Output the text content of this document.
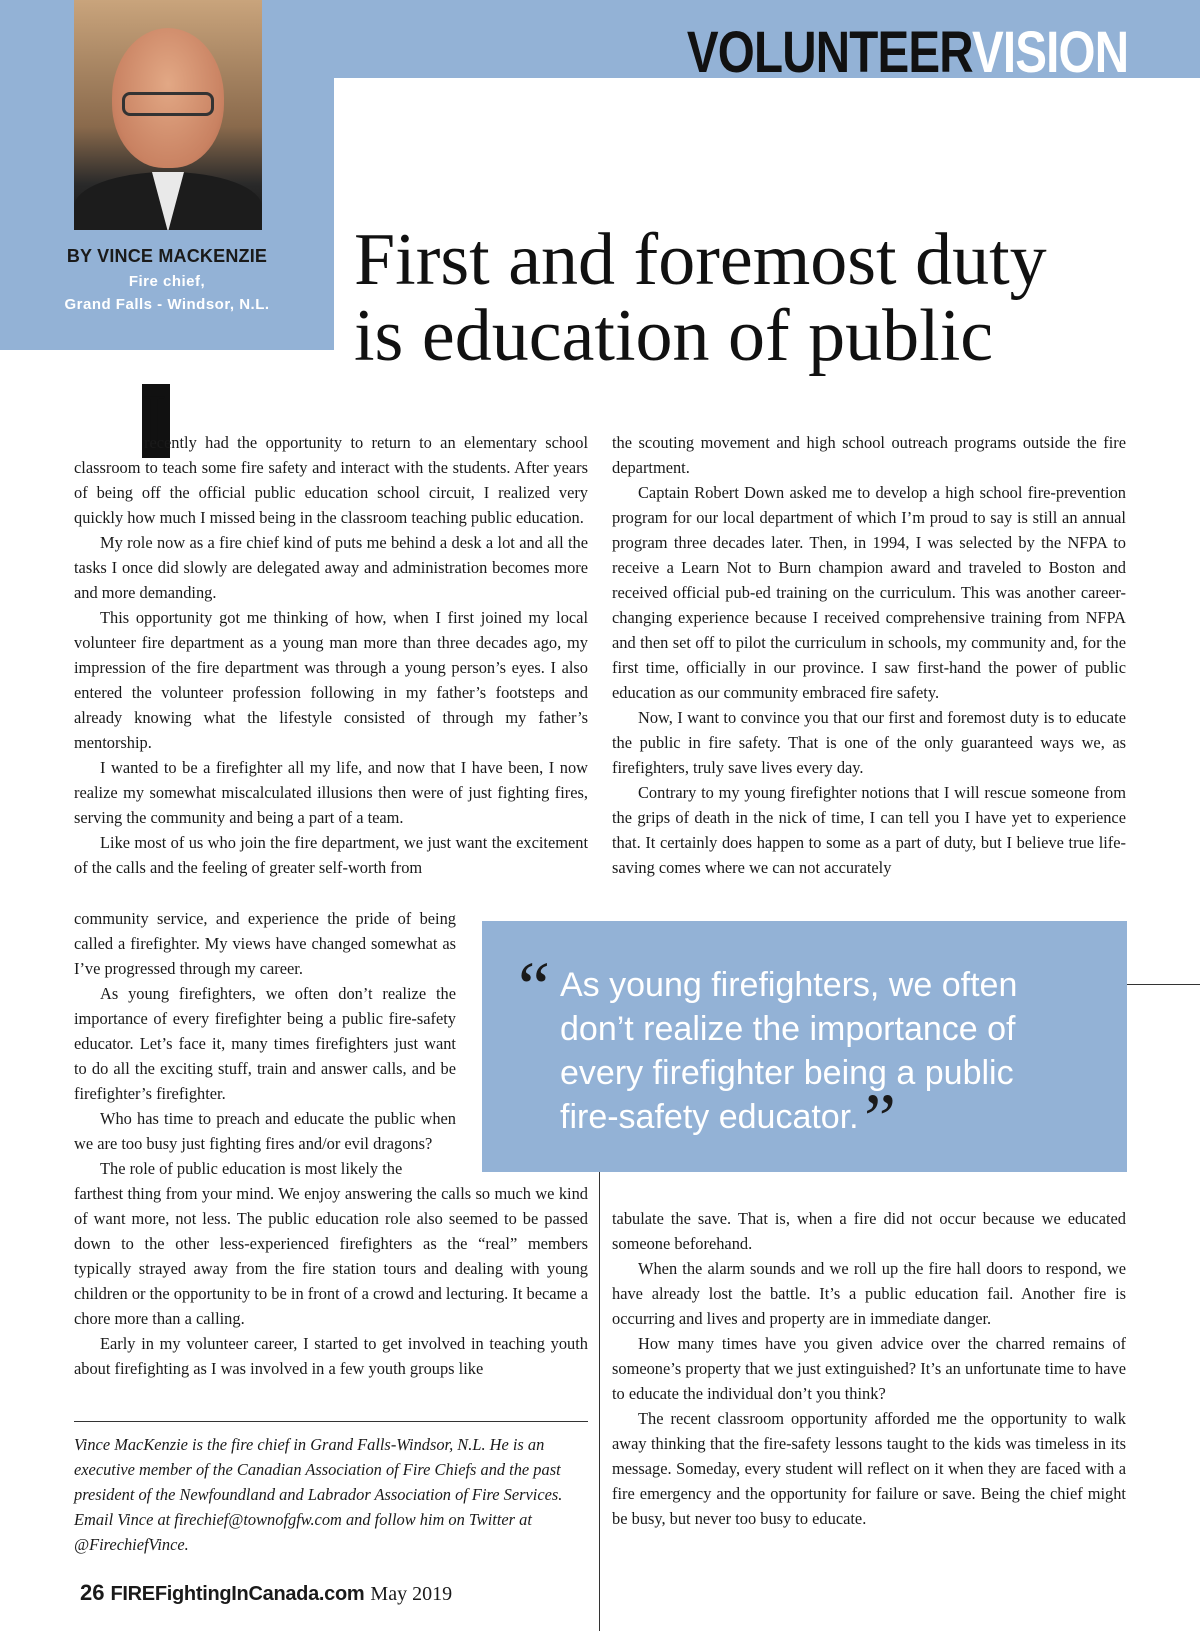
VOLUNTEERVISION
BY VINCE MACKENZIE
Fire chief,
Grand Falls - Windsor, N.L.
First and foremost duty
is education of public
I

recently had the opportunity to return to an elementary school classroom to teach some fire safety and interact with the students. After years of being off the official public education school circuit, I realized very quickly how much I missed being in the classroom teaching public education.

My role now as a fire chief kind of puts me behind a desk a lot and all the tasks I once did slowly are delegated away and administration becomes more and more demanding.

This opportunity got me thinking of how, when I first joined my local volunteer fire department as a young man more than three decades ago, my impression of the fire department was through a young person’s eyes. I also entered the volunteer profession following in my father’s footsteps and already knowing what the lifestyle consisted of through my father’s mentorship.

I wanted to be a firefighter all my life, and now that I have been, I now realize my somewhat miscalculated illusions then were of just fighting fires, serving the community and being a part of a team.

Like most of us who join the fire department, we just want the excitement of the calls and the feeling of greater self-worth from

community service, and experience the pride of being called a firefighter. My views have changed somewhat as I’ve progressed through my career.

As young firefighters, we often don’t realize the importance of every firefighter being a public fire-safety educator. Let’s face it, many times firefighters just want to do all the exciting stuff, train and answer calls, and be firefighter’s firefighter.

Who has time to preach and educate the public when we are too busy just fighting fires and/or evil dragons?

The role of public education is most likely the

farthest thing from your mind. We enjoy answering the calls so much we kind of want more, not less. The public education role also seemed to be passed down to the other less-experienced firefighters as the “real” members typically strayed away from the fire station tours and dealing with young children or the opportunity to be in front of a crowd and lecturing. It became a chore more than a calling.

Early in my volunteer career, I started to get involved in teaching youth about firefighting as I was involved in a few youth groups like

the scouting movement and high school outreach programs outside the fire department.

Captain Robert Down asked me to develop a high school fire-prevention program for our local department of which I’m proud to say is still an annual program three decades later. Then, in 1994, I was selected by the NFPA to receive a Learn Not to Burn champion award and traveled to Boston and received official pub-ed training on the curriculum. This was another career-changing experience because I received comprehensive training from NFPA and then set off to pilot the curriculum in schools, my community and, for the first time, officially in our province. I saw first-hand the power of public education as our community embraced fire safety.

Now, I want to convince you that our first and foremost duty is to educate the public in fire safety. That is one of the only guaranteed ways we, as firefighters, truly save lives every day.

Contrary to my young firefighter notions that I will rescue someone from the grips of death in the nick of time, I can tell you I have yet to experience that. It certainly does happen to some as a part of duty, but I believe true life-saving comes where we can not accurately

“ As young firefighters, we often don’t realize the importance of every firefighter being a public fire-safety educator. ”

tabulate the save. That is, when a fire did not occur because we educated someone beforehand.

When the alarm sounds and we roll up the fire hall doors to respond, we have already lost the battle. It’s a public education fail. Another fire is occurring and lives and property are in immediate danger.

How many times have you given advice over the charred remains of someone’s property that we just extinguished? It’s an unfortunate time to have to educate the individual don’t you think?

The recent classroom opportunity afforded me the opportunity to walk away thinking that the fire-safety lessons taught to the kids was timeless in its message. Someday, every student will reflect on it when they are faced with a fire emergency and the opportunity for failure or save. Being the chief might be busy, but never too busy to educate.

Vince MacKenzie is the fire chief in Grand Falls-Windsor, N.L. He is an executive member of the Canadian Association of Fire Chiefs and the past president of the Newfoundland and Labrador Association of Fire Services. Email Vince at firechief@townofgfw.com and follow him on Twitter at @FirechiefVince.
26 FIREFightingInCanada.com May 2019
